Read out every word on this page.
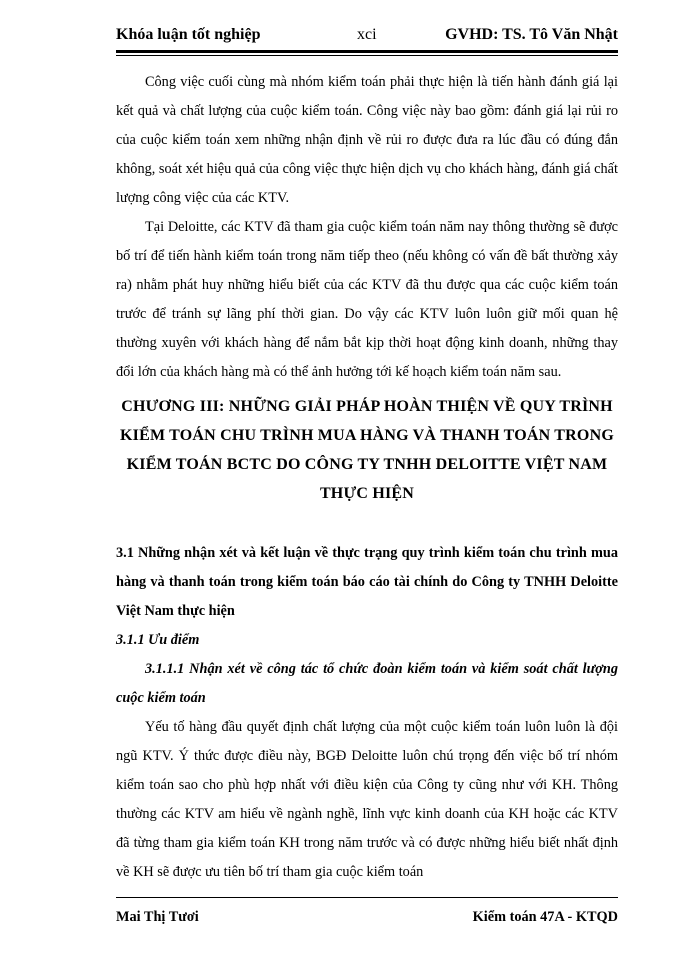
Khóa luận tốt nghiệp	xci	GVHD: TS. Tô Văn Nhật

Công việc cuối cùng mà nhóm kiểm toán phải thực hiện là tiến hành đánh giá lại kết quả và chất lượng của cuộc kiểm toán. Công việc này bao gồm: đánh giá lại rủi ro của cuộc kiểm toán xem những nhận định về rủi ro được đưa ra lúc đầu có đúng đắn không, soát xét hiệu quả của công việc thực hiện dịch vụ cho khách hàng, đánh giá chất lượng công việc của các KTV.

Tại Deloitte, các KTV đã tham gia cuộc kiểm toán năm nay thông thường sẽ được bố trí để tiến hành kiểm toán trong năm tiếp theo (nếu không có vấn đề bất thường xảy ra) nhằm phát huy những hiểu biết của các KTV đã thu được qua các cuộc kiểm toán trước để tránh sự lãng phí thời gian. Do vậy các KTV luôn luôn giữ mối quan hệ thường xuyên với khách hàng để nắm bắt kịp thời hoạt động kinh doanh, những thay đổi lớn của khách hàng mà có thể ảnh hưởng tới kế hoạch kiểm toán năm sau.

CHƯƠNG III: NHỮNG GIẢI PHÁP HOÀN THIỆN VỀ QUY TRÌNH KIỂM TOÁN CHU TRÌNH MUA HÀNG VÀ THANH TOÁN TRONG KIỂM TOÁN BCTC DO CÔNG TY TNHH DELOITTE VIỆT NAM THỰC HIỆN
3.1 Những nhận xét và kết luận về thực trạng quy trình kiểm toán chu trình mua hàng và thanh toán trong kiểm toán báo cáo tài chính do Công ty TNHH Deloitte Việt Nam thực hiện
3.1.1 Ưu điểm
3.1.1.1 Nhận xét về công tác tổ chức đoàn kiểm toán và kiểm soát chất lượng cuộc kiểm toán

Yếu tố hàng đầu quyết định chất lượng của một cuộc kiểm toán luôn luôn là đội ngũ KTV. Ý thức được điều này, BGĐ Deloitte luôn chú trọng đến việc bố trí nhóm kiểm toán sao cho phù hợp nhất với điều kiện của Công ty cũng như với KH. Thông thường các KTV am hiểu về ngành nghề, lĩnh vực kinh doanh của KH hoặc các KTV đã từng tham gia kiểm toán KH trong năm trước và có được những hiểu biết nhất định về KH sẽ được ưu tiên bố trí tham gia cuộc kiểm toán

Mai Thị Tươi	Kiểm toán 47A - KTQD
